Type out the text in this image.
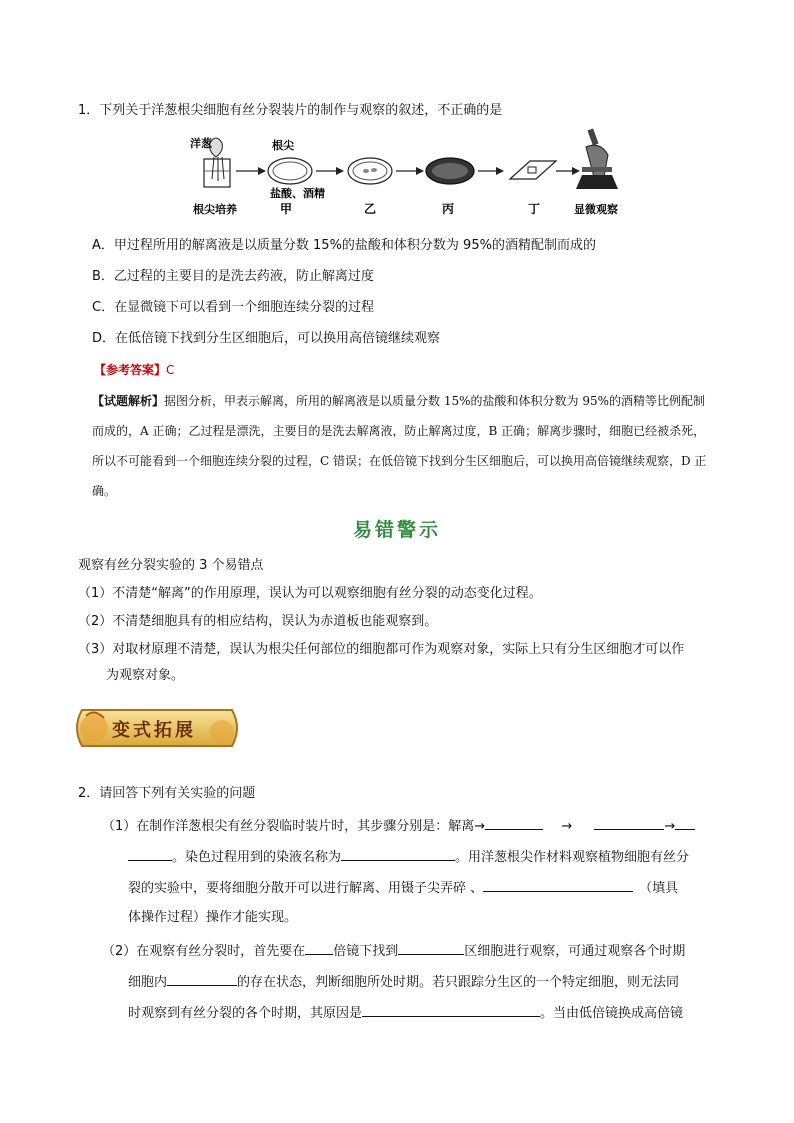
1．下列关于洋葱根尖细胞有丝分裂装片的制作与观察的叙述，不正确的是
洋葱
根尖培养
根尖
盐酸、酒精
甲	乙	丙	丁	显微观察
A．甲过程所用的解离液是以质量分数 15%的盐酸和体积分数为 95%的酒精配制而成的
B．乙过程的主要目的是洗去药液，防止解离过度
C．在显微镜下可以看到一个细胞连续分裂的过程
D．在低倍镜下找到分生区细胞后，可以换用高倍镜继续观察
【参考答案】C
【试题解析】据图分析，甲表示解离，所用的解离液是以质量分数 15%的盐酸和体积分数为 95%的酒精等比例配制而成的，A 正确；乙过程是漂洗，主要目的是洗去解离液，防止解离过度，B 正确；解离步骤时，细胞已经被杀死，所以不可能看到一个细胞连续分裂的过程，C 错误；在低倍镜下找到分生区细胞后，可以换用高倍镜继续观察，D 正确。
易错警示
观察有丝分裂实验的 3 个易错点
（1）不清楚“解离”的作用原理，误认为可以观察细胞有丝分裂的动态变化过程。
（2）不清楚细胞具有的相应结构，误认为赤道板也能观察到。
（3）对取材原理不清楚，误认为根尖任何部位的细胞都可作为观察对象，实际上只有分生区细胞才可以作
为观察对象。
变式拓展
2．请回答下列有关实验的问题
（1）在制作洋葱根尖有丝分裂临时装片时，其步骤分别是：解离→	→	→
。染色过程用到的染液名称为	。用洋葱根尖作材料观察植物细胞有丝分
裂的实验中，要将细胞分散开可以进行解离、用镊子尖弄碎 、	（填具
体操作过程）操作才能实现。
（2）在观察有丝分裂时，首先要在 倍镜下找到	区细胞进行观察，可通过观察各个时期
细胞内	的存在状态，判断细胞所处时期。若只跟踪分生区的一个特定细胞，则无法同
时观察到有丝分裂的各个时期，其原因是	。当由低倍镜换成高倍镜
